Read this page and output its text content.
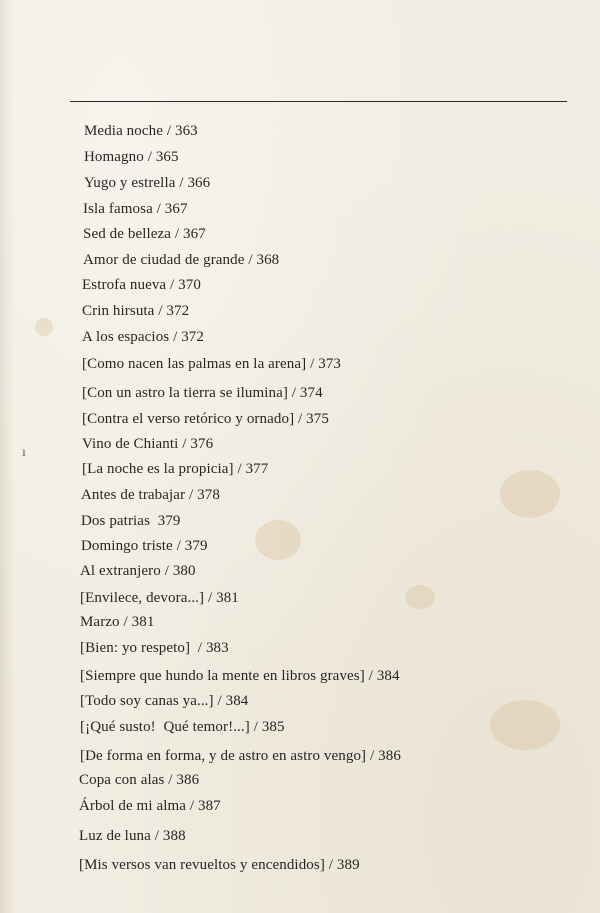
ı
Media noche / 363
Homagno / 365
Yugo y estrella / 366
Isla famosa / 367
Sed de belleza / 367
Amor de ciudad de grande / 368
Estrofa nueva / 370
Crin hirsuta / 372
A los espacios / 372
[Como nacen las palmas en la arena] / 373
[Con un astro la tierra se ilumina] / 374
[Contra el verso retórico y ornado] / 375
Vino de Chianti / 376
[La noche es la propicia] / 377
Antes de trabajar / 378
Dos patrias 379
Domingo triste / 379
Al extranjero / 380
[Envilece, devora...] / 381
Marzo / 381
[Bien: yo respeto]  / 383
[Siempre que hundo la mente en libros graves] / 384
[Todo soy canas ya...] / 384
[¡Qué susto!  Qué temor!...] / 385
[De forma en forma, y de astro en astro vengo] / 386
Copa con alas / 386
Árbol de mi alma / 387
Luz de luna / 388
[Mis versos van revueltos y encendidos] / 389
